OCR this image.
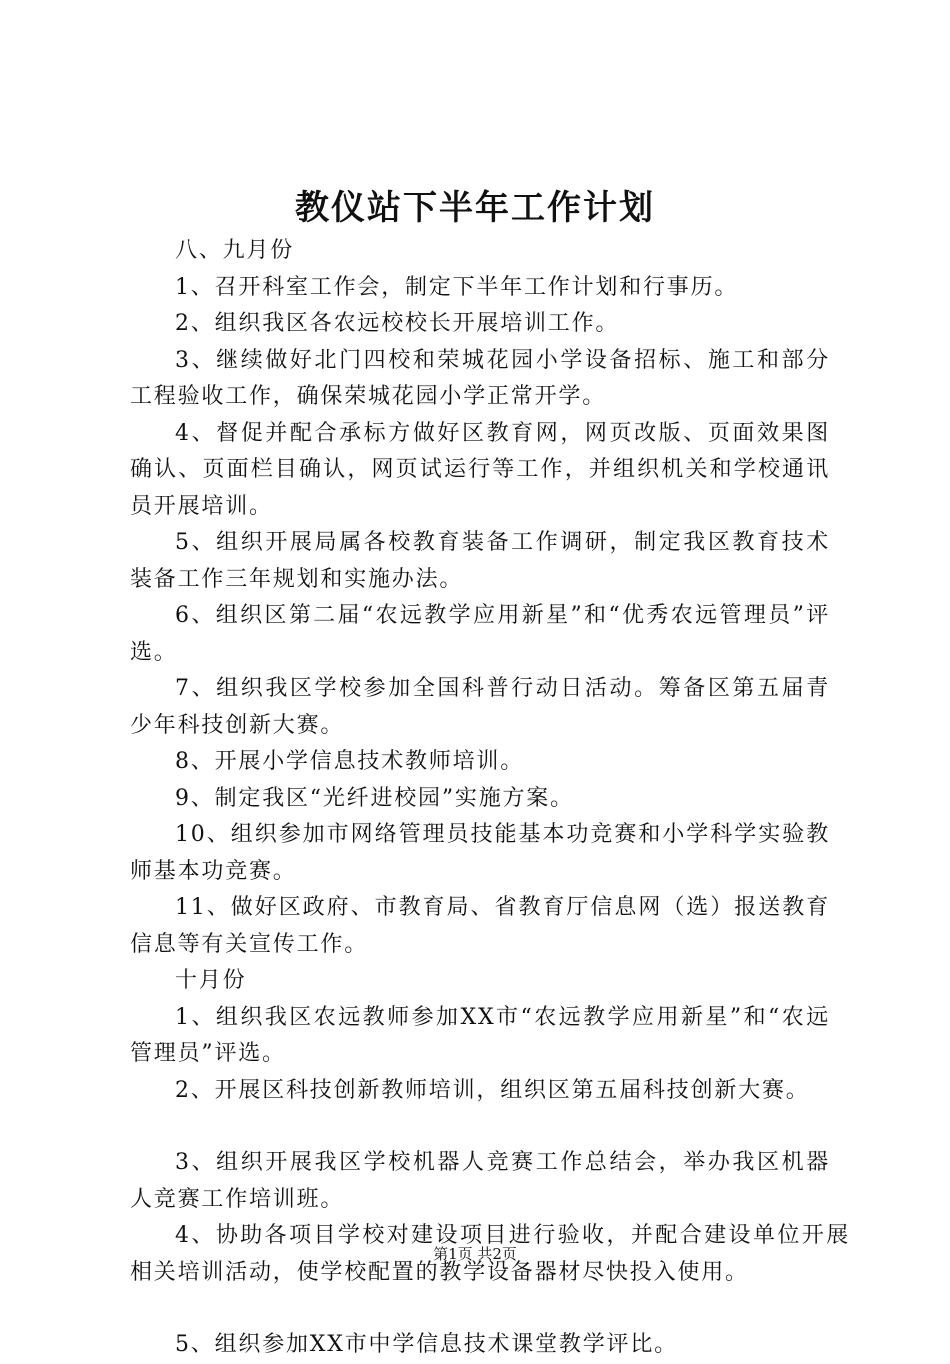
教仪站下半年工作计划

八、九月份

1、召开科室工作会，制定下半年工作计划和行事历。

2、组织我区各农远校校长开展培训工作。

3、继续做好北门四校和荣城花园小学设备招标、施工和部分工程验收工作，确保荣城花园小学正常开学。

4、督促并配合承标方做好区教育网，网页改版、页面效果图确认、页面栏目确认，网页试运行等工作，并组织机关和学校通讯员开展培训。

5、组织开展局属各校教育装备工作调研，制定我区教育技术装备工作三年规划和实施办法。

6、组织区第二届“农远教学应用新星”和“优秀农远管理员”评选。

7、组织我区学校参加全国科普行动日活动。筹备区第五届青少年科技创新大赛。

8、开展小学信息技术教师培训。

9、制定我区“光纤进校园”实施方案。

10、组织参加市网络管理员技能基本功竞赛和小学科学实验教师基本功竞赛。

11、做好区政府、市教育局、省教育厅信息网（选）报送教育信息等有关宣传工作。

十月份

1、组织我区农远教师参加XX市“农远教学应用新星”和“农远管理员”评选。

2、开展区科技创新教师培训，组织区第五届科技创新大赛。

3、组织开展我区学校机器人竞赛工作总结会，举办我区机器人竞赛工作培训班。

4、协助各项目学校对建设项目进行验收，并配合建设单位开展相关培训活动，使学校配置的教学设备器材尽快投入使用。

5、组织参加XX市中学信息技术课堂教学评比。

第1页 共2页
